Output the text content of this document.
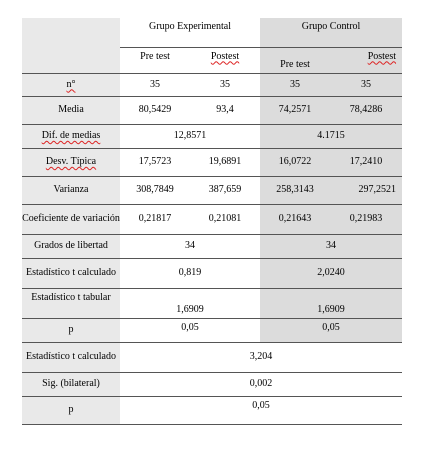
	Grupo Experimental		Grupo Control	
	Pre test	Postest	Pre test	Postest
n°	35	35	35	35
Media	80,5429	93,4	74,2571	78,4286
Dif. de medias	12,8571		4.1715	
Desv. Típica	17,5723	19,6891	16,0722	17,2410
Varianza	308,7849	387,659	258,3143	297,2521
Coeficiente de variación	0,21817	0,21081	0,21643	0,21983
Grados de libertad	34		34	
Estadístico t calculado	0,819		2,0240	
Estadístico t tabular	1,6909		1,6909	
p	0,05		0,05	
Estadístico t calculado	3,204			
Sig. (bilateral)	0,002			
p	0,05			
